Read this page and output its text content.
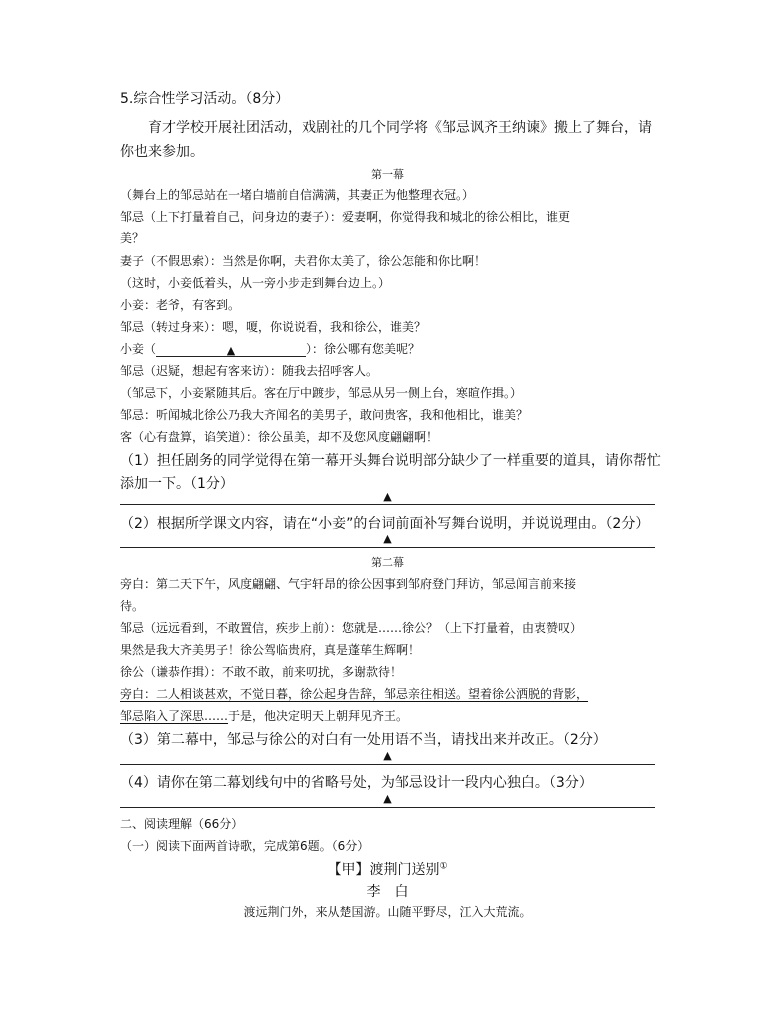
5.综合性学习活动。（8分）
育才学校开展社团活动，戏剧社的几个同学将《邹忌讽齐王纳谏》搬上了舞台，请
你也来参加。
第一幕
（舞台上的邹忌站在一堵白墙前自信满满，其妻正为他整理衣冠。）
邹忌（上下打量着自己，问身边的妻子）：爱妻啊，你觉得我和城北的徐公相比，谁更
美？
妻子（不假思索）：当然是你啊，夫君你太美了，徐公怎能和你比啊！
（这时，小妾低着头，从一旁小步走到舞台边上。）
小妾：老爷，有客到。
邹忌（转过身来）：嗯，嗄，你说说看，我和徐公，谁美？
小妾（	▲	）：徐公哪有您美呢？
邹忌（迟疑，想起有客来访）：随我去招呼客人。
（邹忌下，小妾紧随其后。客在厅中踱步，邹忌从另一侧上台，寒暄作揖。）
邹忌：听闻城北徐公乃我大齐闻名的美男子，敢问贵客，我和他相比，谁美？
客（心有盘算，谄笑道）：徐公虽美，却不及您风度翩翩啊！
（1）担任剧务的同学觉得在第一幕开头舞台说明部分缺少了一样重要的道具，请你帮忙
添加一下。（1分）
▲
（2）根据所学课文内容，请在“小妾”的台词前面补写舞台说明，并说说理由。（2分）
▲
第二幕
旁白：第二天下午，风度翩翩、气宇轩昂的徐公因事到邹府登门拜访，邹忌闻言前来接
待。
邹忌（远远看到，不敢置信，疾步上前）：您就是……徐公？（上下打量着，由衷赞叹）
果然是我大齐美男子！徐公驾临贵府，真是蓬荜生辉啊！
徐公（谦恭作揖）：不敢不敢，前来叨扰，多谢款待！
旁白：二人相谈甚欢，不觉日暮，徐公起身告辞，邹忌亲往相送。望着徐公洒脱的背影，
邹忌陷入了深思……于是，他决定明天上朝拜见齐王。
（3）第二幕中，邹忌与徐公的对白有一处用语不当，请找出来并改正。（2分）
▲
（4）请你在第二幕划线句中的省略号处，为邹忌设计一段内心独白。（3分）
▲
二、阅读理解（66分）
（一）阅读下面两首诗歌，完成第6题。（6分）
【甲】渡荆门送别①
李　白
渡远荆门外，来从楚国游。山随平野尽，江入大荒流。
